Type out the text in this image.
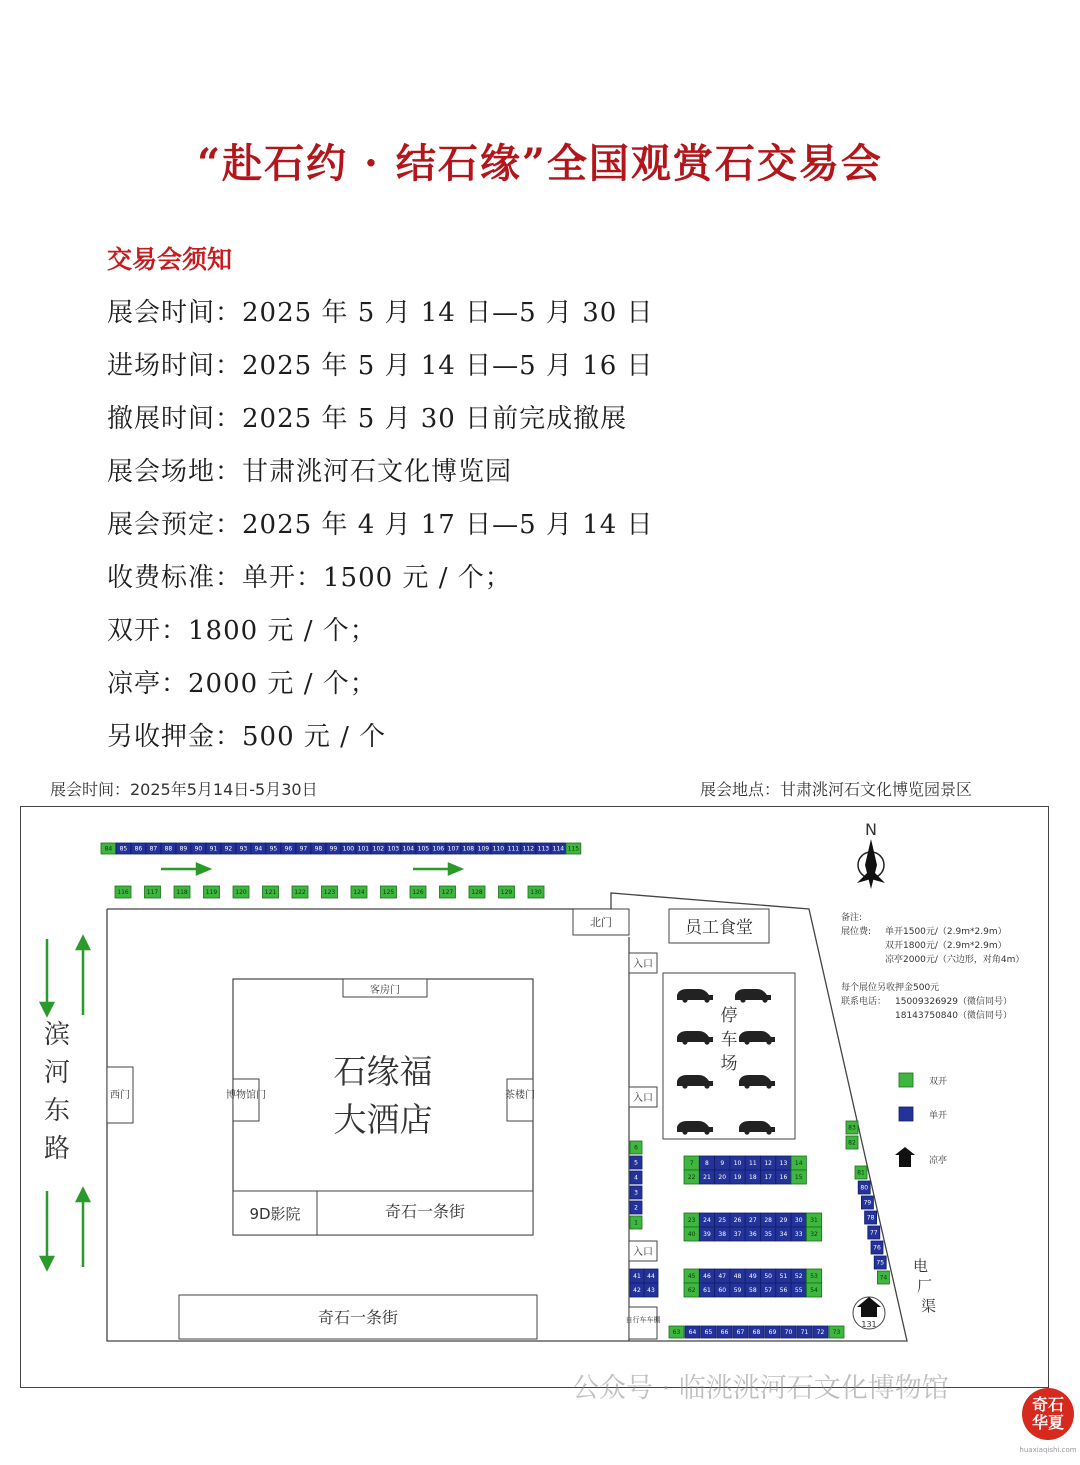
“赴石约 · 结石缘”全国观赏石交易会
交易会须知
展会时间：2025 年 5 月 14 日—5 月 30 日
进场时间：2025 年 5 月 14 日—5 月 16 日
撤展时间：2025 年 5 月 30 日前完成撤展
展会场地：甘肃洮河石文化博览园
展会预定：2025 年 4 月 17 日—5 月 14 日
收费标准：单开：1500 元 / 个；
双开：1800 元 / 个；
凉亭：2000 元 / 个；
另收押金：500 元 / 个
展会时间：2025年5月14日-5月30日	展会地点：甘肃洮河石文化博览园景区
北门	员工食堂
入口
入口
入口
自行车车棚
西门
客房门
博物馆门	茶楼门
石缘福
大酒店
9D影院	奇石一条街
奇石一条街
停
车
场
滨
河
东
路
电
厂
渠
N
备注:
展位费: 单开1500元/（2.9m*2.9m）
双开1800元/（2.9m*2.9m）
凉亭2000元/（六边形，对角4m）
每个展位另收押金500元
联系电话： 15009326929（微信同号）
18143750840（微信同号）
双开
单开
凉亭
131
84 85 86 87 88 89 90 91 92 93 94 95 96 97 98 99 100 101 102 103 104 105 106 107 108 109 110 111 112 113 114 115
116	117	118	119	120	121	122	123	124	125	126	127	128	129	130
6
5
4
3
2
1
7 8 9 10 11 12 13 14
22 21 20 19 18 17 16 15
23 24 25 26 27 28 29 30 31
40 39 38 37 36 35 34 33 32
41 44
42 43
45 46 47 48 49 50 51 52 53
62 61 60 59 58 57 56 55 54
63 64 65 66 67 68 69 70 71 72 73
83
82
81
80
79
78
77
76
75
74
公众号 · 临洮洮河石文化博物馆
奇石
华夏
huaxiaqishi.com
